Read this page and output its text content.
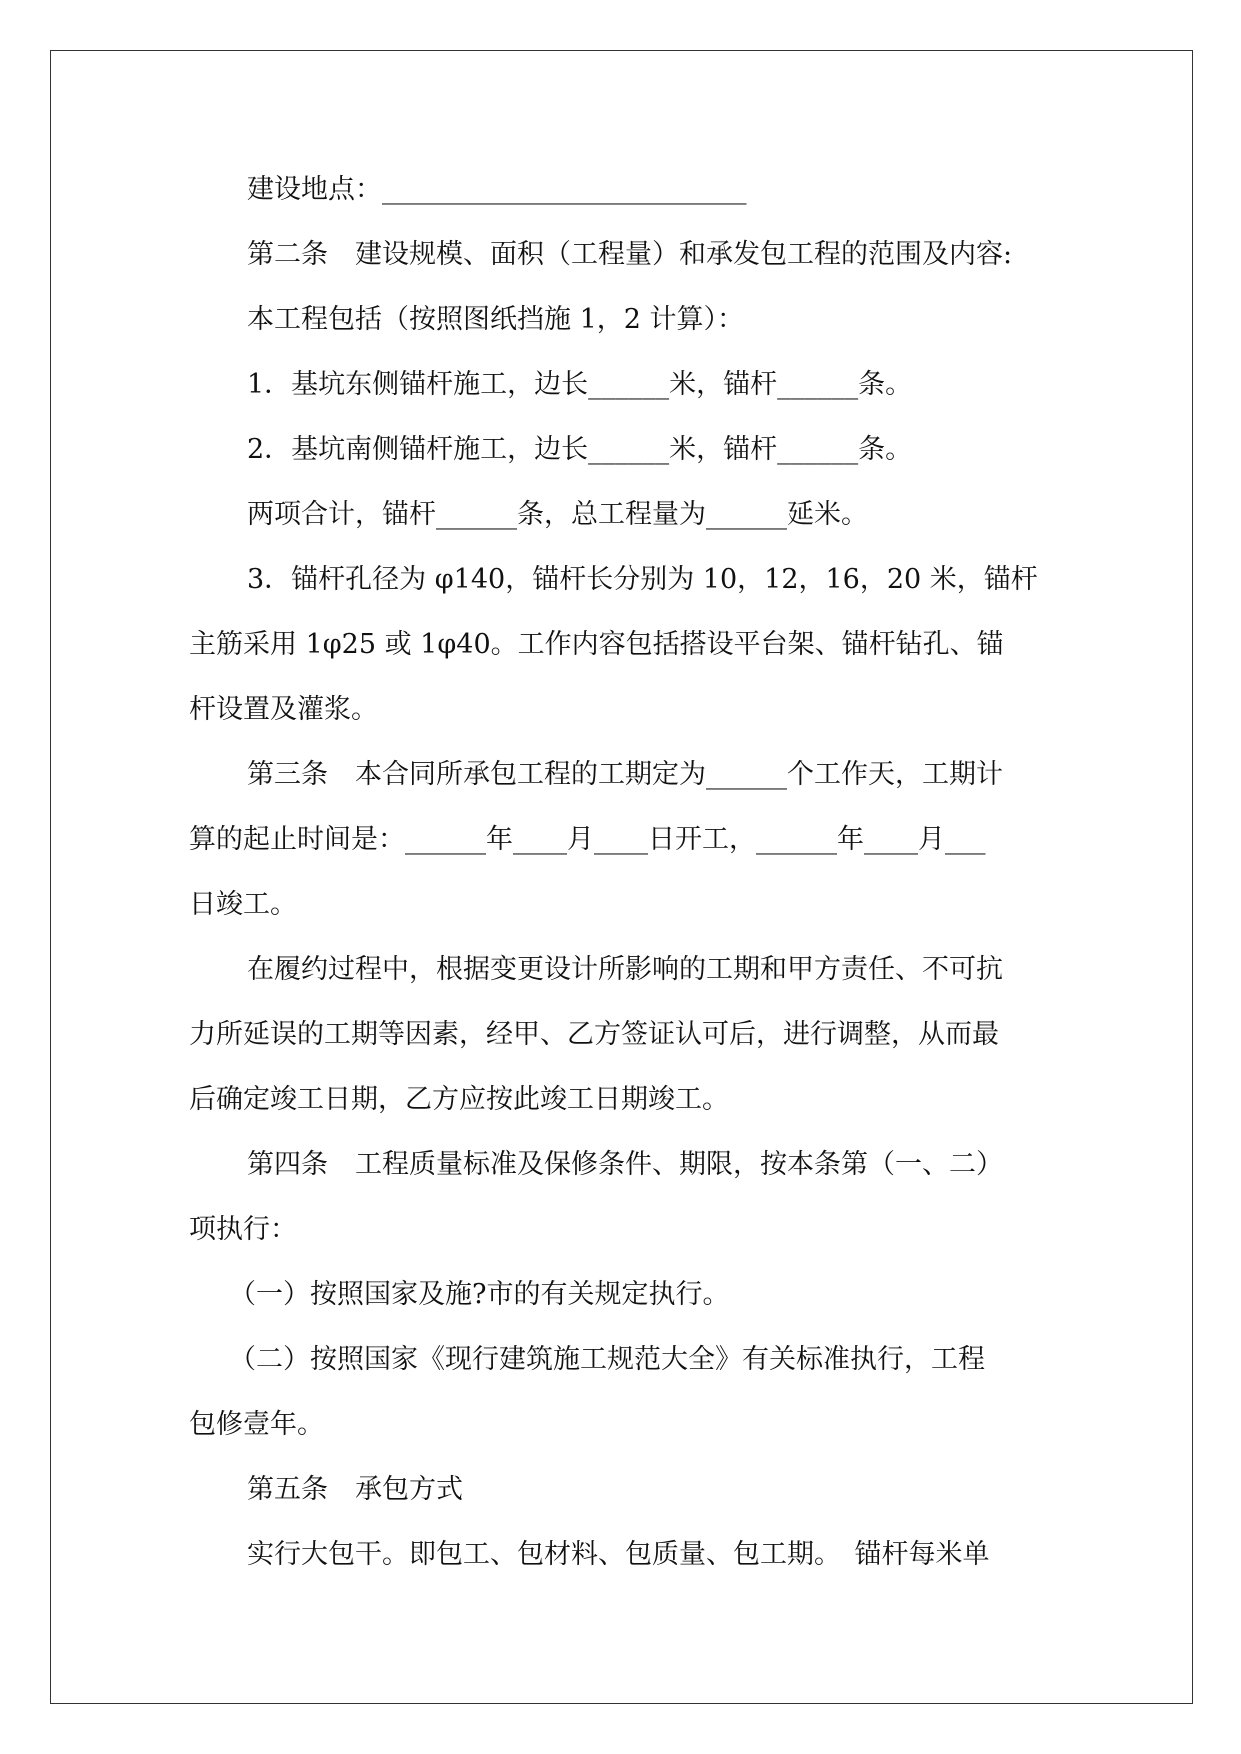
建设地点：___________________________

第二条　建设规模、面积（工程量）和承发包工程的范围及内容:

本工程包括（按照图纸挡施 1，2 计算）：

1．基坑东侧锚杆施工，边长______米，锚杆______条。

2．基坑南侧锚杆施工，边长______米，锚杆______条。

两项合计，锚杆______条，总工程量为______延米。

3．锚杆孔径为 φ140，锚杆长分别为 10，12，16，20 米，锚杆

主筋采用 1φ25 或 1φ40。工作内容包括搭设平台架、锚杆钻孔、锚

杆设置及灌浆。

第三条　本合同所承包工程的工期定为______个工作天，工期计

算的起止时间是：______年____月____日开工，______年____月___

日竣工。

在履约过程中，根据变更设计所影响的工期和甲方责任、不可抗

力所延误的工期等因素，经甲、乙方签证认可后，进行调整，从而最

后确定竣工日期，乙方应按此竣工日期竣工。

第四条　工程质量标准及保修条件、期限，按本条第（一、二）

项执行：

（一）按照国家及施?市的有关规定执行。

（二）按照国家《现行建筑施工规范大全》有关标准执行，工程

包修壹年。

第五条　承包方式

实行大包干。即包工、包材料、包质量、包工期。　锚杆每米单
